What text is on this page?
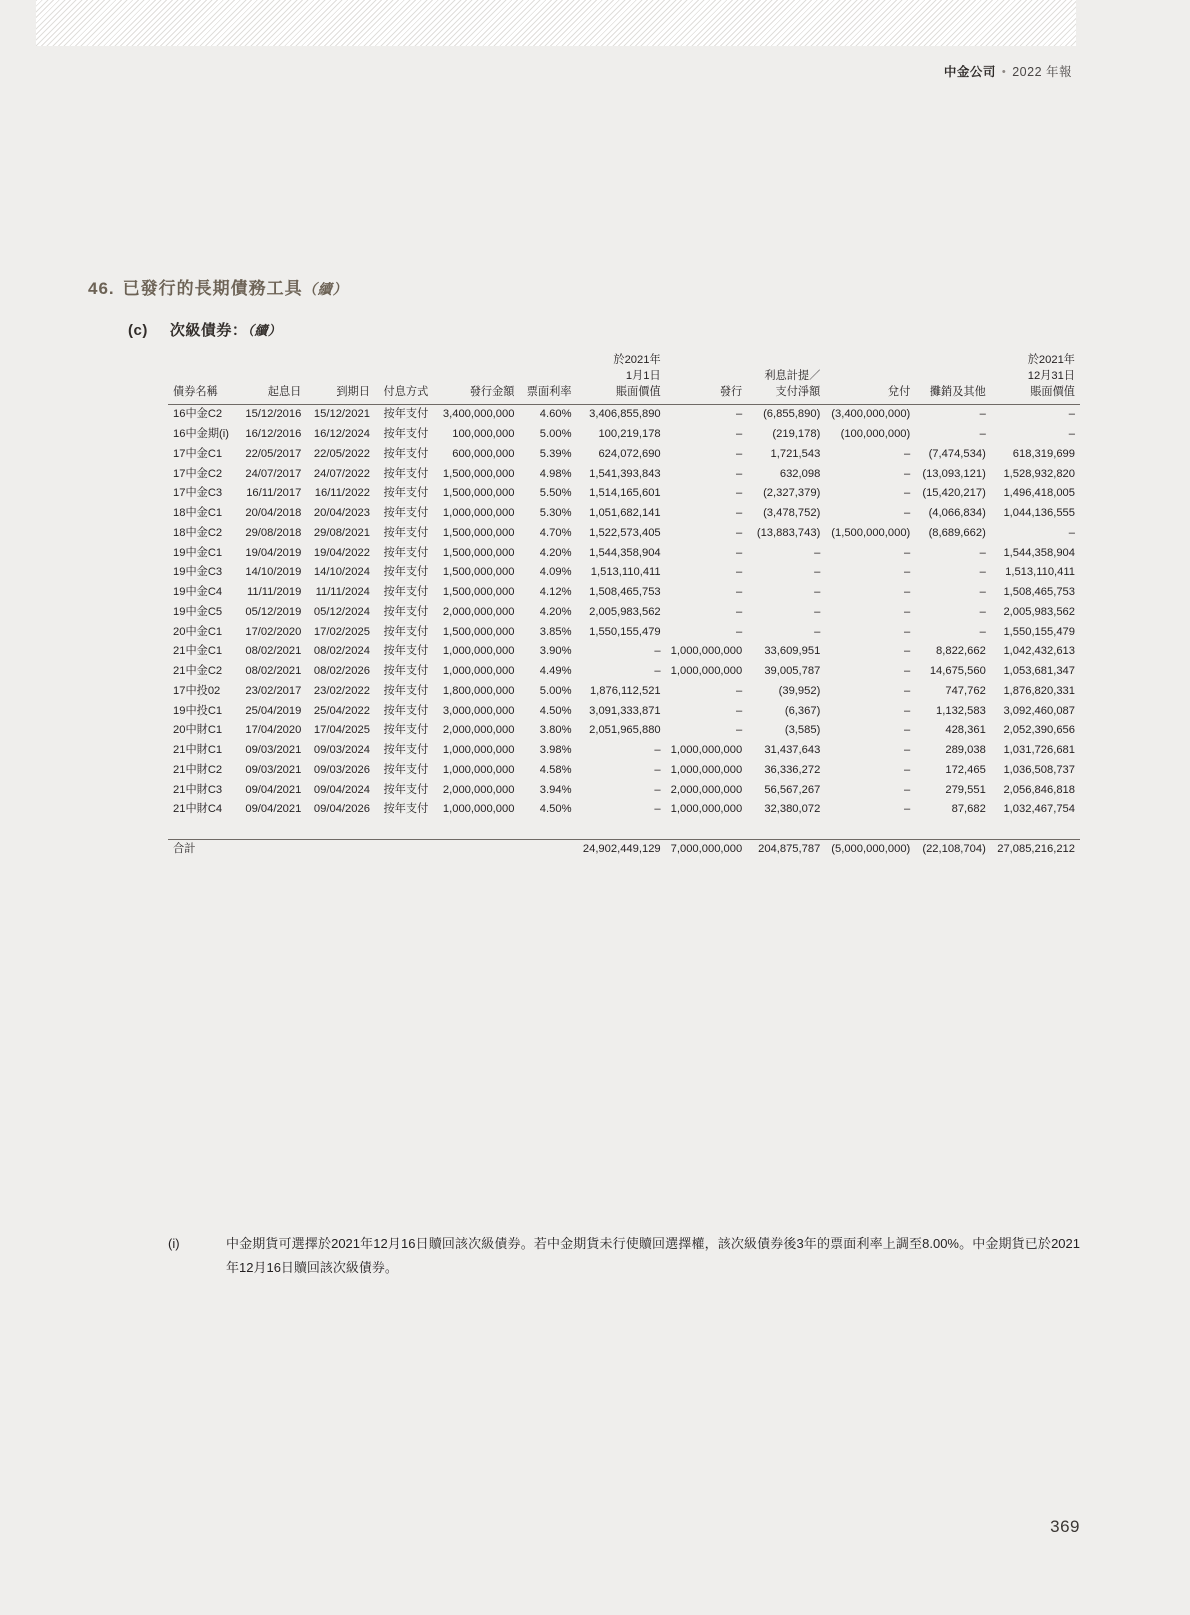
中金公司 • 2022 年報
46. 已發行的長期債務工具（續）
(c) 次級債券：（續）
債券名稱	起息日	到期日	付息方式	發行金額	票面利率	於2021年
1月1日
賬面價值	發行	利息計提／
支付淨額	兌付	攤銷及其他	於2021年
12月31日
賬面價值
16中金C2	15/12/2016	15/12/2021	按年支付	3,400,000,000	4.60%	3,406,855,890	–	(6,855,890)	(3,400,000,000)	–	–
16中金期(i)	16/12/2016	16/12/2024	按年支付	100,000,000	5.00%	100,219,178	–	(219,178)	(100,000,000)	–	–
17中金C1	22/05/2017	22/05/2022	按年支付	600,000,000	5.39%	624,072,690	–	1,721,543	–	(7,474,534)	618,319,699
17中金C2	24/07/2017	24/07/2022	按年支付	1,500,000,000	4.98%	1,541,393,843	–	632,098	–	(13,093,121)	1,528,932,820
17中金C3	16/11/2017	16/11/2022	按年支付	1,500,000,000	5.50%	1,514,165,601	–	(2,327,379)	–	(15,420,217)	1,496,418,005
18中金C1	20/04/2018	20/04/2023	按年支付	1,000,000,000	5.30%	1,051,682,141	–	(3,478,752)	–	(4,066,834)	1,044,136,555
18中金C2	29/08/2018	29/08/2021	按年支付	1,500,000,000	4.70%	1,522,573,405	–	(13,883,743)	(1,500,000,000)	(8,689,662)	–
19中金C1	19/04/2019	19/04/2022	按年支付	1,500,000,000	4.20%	1,544,358,904	–	–	–	–	1,544,358,904
19中金C3	14/10/2019	14/10/2024	按年支付	1,500,000,000	4.09%	1,513,110,411	–	–	–	–	1,513,110,411
19中金C4	11/11/2019	11/11/2024	按年支付	1,500,000,000	4.12%	1,508,465,753	–	–	–	–	1,508,465,753
19中金C5	05/12/2019	05/12/2024	按年支付	2,000,000,000	4.20%	2,005,983,562	–	–	–	–	2,005,983,562
20中金C1	17/02/2020	17/02/2025	按年支付	1,500,000,000	3.85%	1,550,155,479	–	–	–	–	1,550,155,479
21中金C1	08/02/2021	08/02/2024	按年支付	1,000,000,000	3.90%	–	1,000,000,000	33,609,951	–	8,822,662	1,042,432,613
21中金C2	08/02/2021	08/02/2026	按年支付	1,000,000,000	4.49%	–	1,000,000,000	39,005,787	–	14,675,560	1,053,681,347
17中投02	23/02/2017	23/02/2022	按年支付	1,800,000,000	5.00%	1,876,112,521	–	(39,952)	–	747,762	1,876,820,331
19中投C1	25/04/2019	25/04/2022	按年支付	3,000,000,000	4.50%	3,091,333,871	–	(6,367)	–	1,132,583	3,092,460,087
20中財C1	17/04/2020	17/04/2025	按年支付	2,000,000,000	3.80%	2,051,965,880	–	(3,585)	–	428,361	2,052,390,656
21中財C1	09/03/2021	09/03/2024	按年支付	1,000,000,000	3.98%	–	1,000,000,000	31,437,643	–	289,038	1,031,726,681
21中財C2	09/03/2021	09/03/2026	按年支付	1,000,000,000	4.58%	–	1,000,000,000	36,336,272	–	172,465	1,036,508,737
21中財C3	09/04/2021	09/04/2024	按年支付	2,000,000,000	3.94%	–	2,000,000,000	56,567,267	–	279,551	2,056,846,818
21中財C4	09/04/2021	09/04/2026	按年支付	1,000,000,000	4.50%	–	1,000,000,000	32,380,072	–	87,682	1,032,467,754

合計						24,902,449,129	7,000,000,000	204,875,787	(5,000,000,000)	(22,108,704)	27,085,216,212
(i)	中金期貨可選擇於2021年12月16日贖回該次級債券。若中金期貨未行使贖回選擇權，該次級債券後3年的票面利率上調至8.00%。中金期貨已於2021年12月16日贖回該次級債券。
369
